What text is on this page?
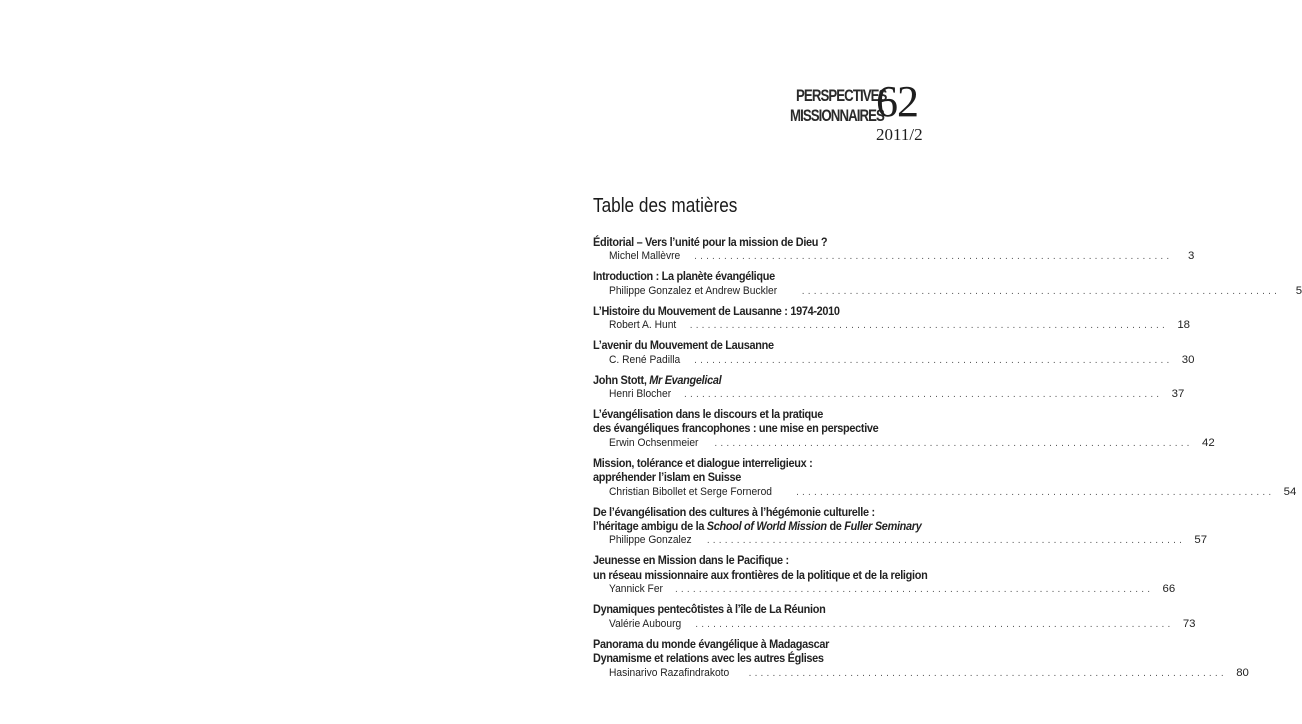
PERSPECTIVES
MISSIONNAIRES
62
2011/2
Table des matières
Éditorial – Vers l’unité pour la mission de Dieu ?
Michel Mallèvre	................................................................................	3
Introduction : La planète évangélique
Philippe Gonzalez et Andrew Buckler	................................................................................	5
L’Histoire du Mouvement de Lausanne : 1974-2010
Robert A. Hunt	................................................................................ 18
L’avenir du Mouvement de Lausanne
C. René Padilla	................................................................................ 30
John Stott, Mr Evangelical
Henri Blocher	................................................................................ 37
L’évangélisation dans le discours et la pratique
des évangéliques francophones : une mise en perspective
Erwin Ochsenmeier	................................................................................ 42
Mission, tolérance et dialogue interreligieux :
appréhender l’islam en Suisse
Christian Bibollet et Serge Fornerod	................................................................................ 54
De l’évangélisation des cultures à l’hégémonie culturelle :
l’héritage ambigu de la School of World Mission de Fuller Seminary
Philippe Gonzalez	................................................................................ 57
Jeunesse en Mission dans le Pacifique :
un réseau missionnaire aux frontières de la politique et de la religion
Yannick Fer	................................................................................ 66
Dynamiques pentecôtistes à l’île de La Réunion
Valérie Aubourg	................................................................................ 73
Panorama du monde évangélique à Madagascar
Dynamisme et relations avec les autres Églises
Hasinarivo Razafindrakoto	................................................................................ 80
